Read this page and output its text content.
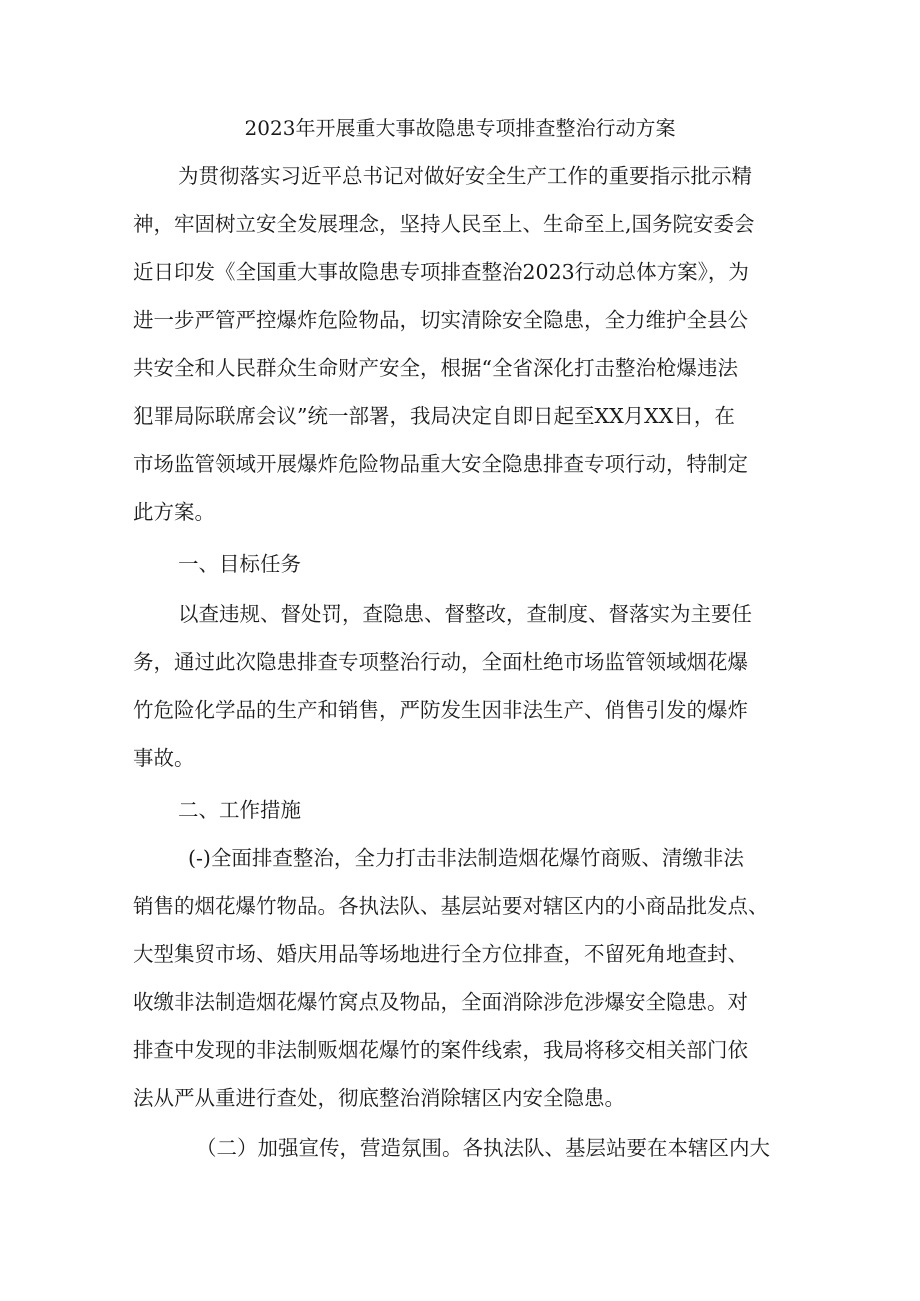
2023年开展重大事故隐患专项排查整治行动方案
为贯彻落实习近平总书记对做好安全生产工作的重要指示批示精
神，牢固树立安全发展理念，坚持人民至上、生命至上,国务院安委会
近日印发《全国重大事故隐患专项排查整治2023行动总体方案》，为
进一步严管严控爆炸危险物品，切实清除安全隐患，全力维护全县公
共安全和人民群众生命财产安全，根据“全省深化打击整治枪爆违法
犯罪局际联席会议”统一部署，我局决定自即日起至XX月XX日，在
市场监管领域开展爆炸危险物品重大安全隐患排查专项行动，特制定
此方案。
一、目标任务
以查违规、督处罚，查隐患、督整改，查制度、督落实为主要任
务，通过此次隐患排查专项整治行动，全面杜绝市场监管领域烟花爆
竹危险化学品的生产和销售，严防发生因非法生产、俏售引发的爆炸
事故。
二、工作措施
(-)全面排查整治，全力打击非法制造烟花爆竹商贩、清缴非法
销售的烟花爆竹物品。各执法队、基层站要对辖区内的小商品批发点、
大型集贸市场、婚庆用品等场地进行全方位排查，不留死角地查封、
收缴非法制造烟花爆竹窝点及物品，全面消除涉危涉爆安全隐患。对
排查中发现的非法制贩烟花爆竹的案件线索，我局将移交相关部门依
法从严从重进行查处，彻底整治消除辖区内安全隐患。
（二）加强宣传，营造氛围。各执法队、基层站要在本辖区内大
